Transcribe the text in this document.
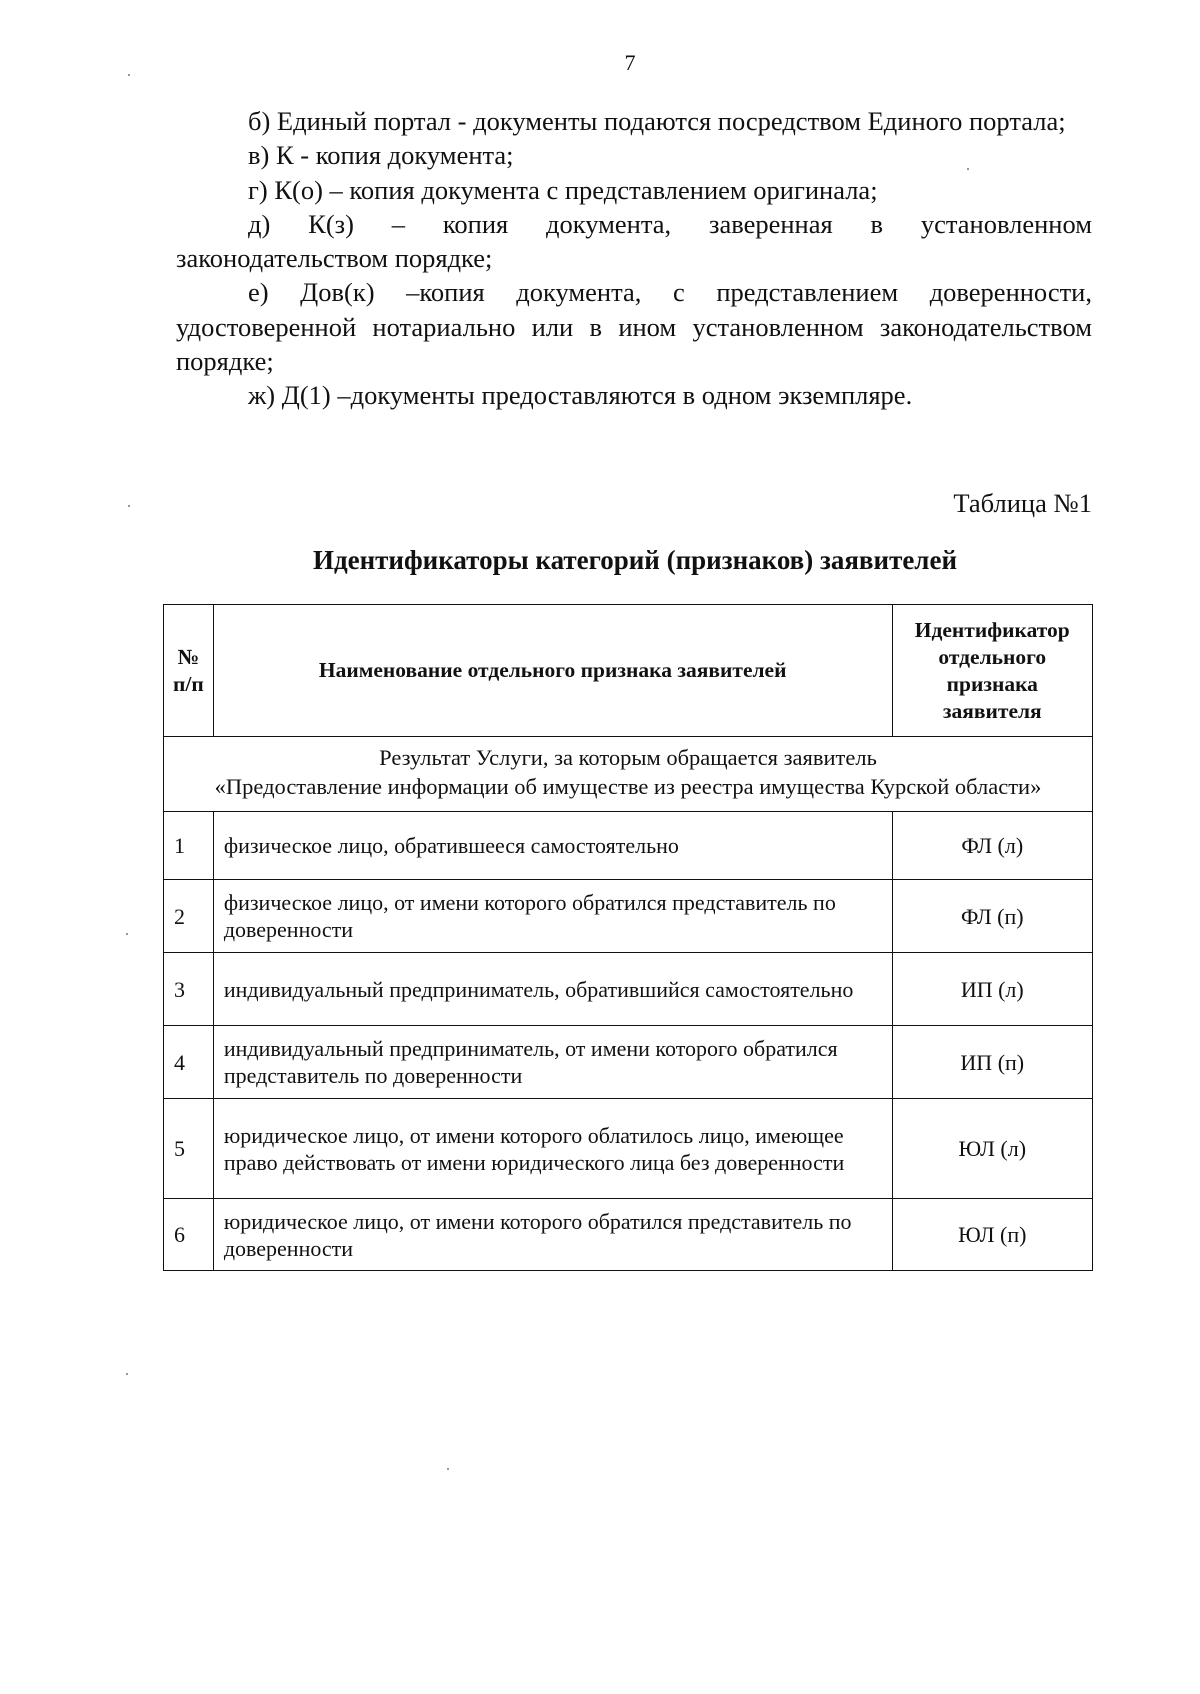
7

б) Единый портал - документы подаются посредством Единого портала;

в) К - копия документа;

г) К(о) – копия документа с представлением оригинала;

д) К(з) – копия документа, заверенная в установленном законодательством порядке;

е) Дов(к) –копия документа, с представлением доверенности, удостоверенной нотариально или в ином установленном законодательством порядке;

ж) Д(1) –документы предоставляются в одном экземпляре.

Таблица №1
Идентификаторы категорий (признаков) заявителей
№ п/п	Наименование отдельного признака заявителей	Идентификатор отдельного признака заявителя

Результат Услуги, за которым обращается заявитель
«Предоставление информации об имуществе из реестра имущества Курской области»		

1	физическое лицо, обратившееся самостоятельно	ФЛ (л)
2	физическое лицо, от имени которого обратился представитель по доверенности	ФЛ (п)
3	индивидуальный предприниматель, обратившийся самостоятельно	ИП (л)
4	индивидуальный предприниматель, от имени которого обратился представитель по доверенности	ИП (п)
5	юридическое лицо, от имени которого облатилось лицо, имеющее право действовать от имени юридического лица без доверенности	ЮЛ (л)
6	юридическое лицо, от имени которого обратился представитель по доверенности	ЮЛ (п)
